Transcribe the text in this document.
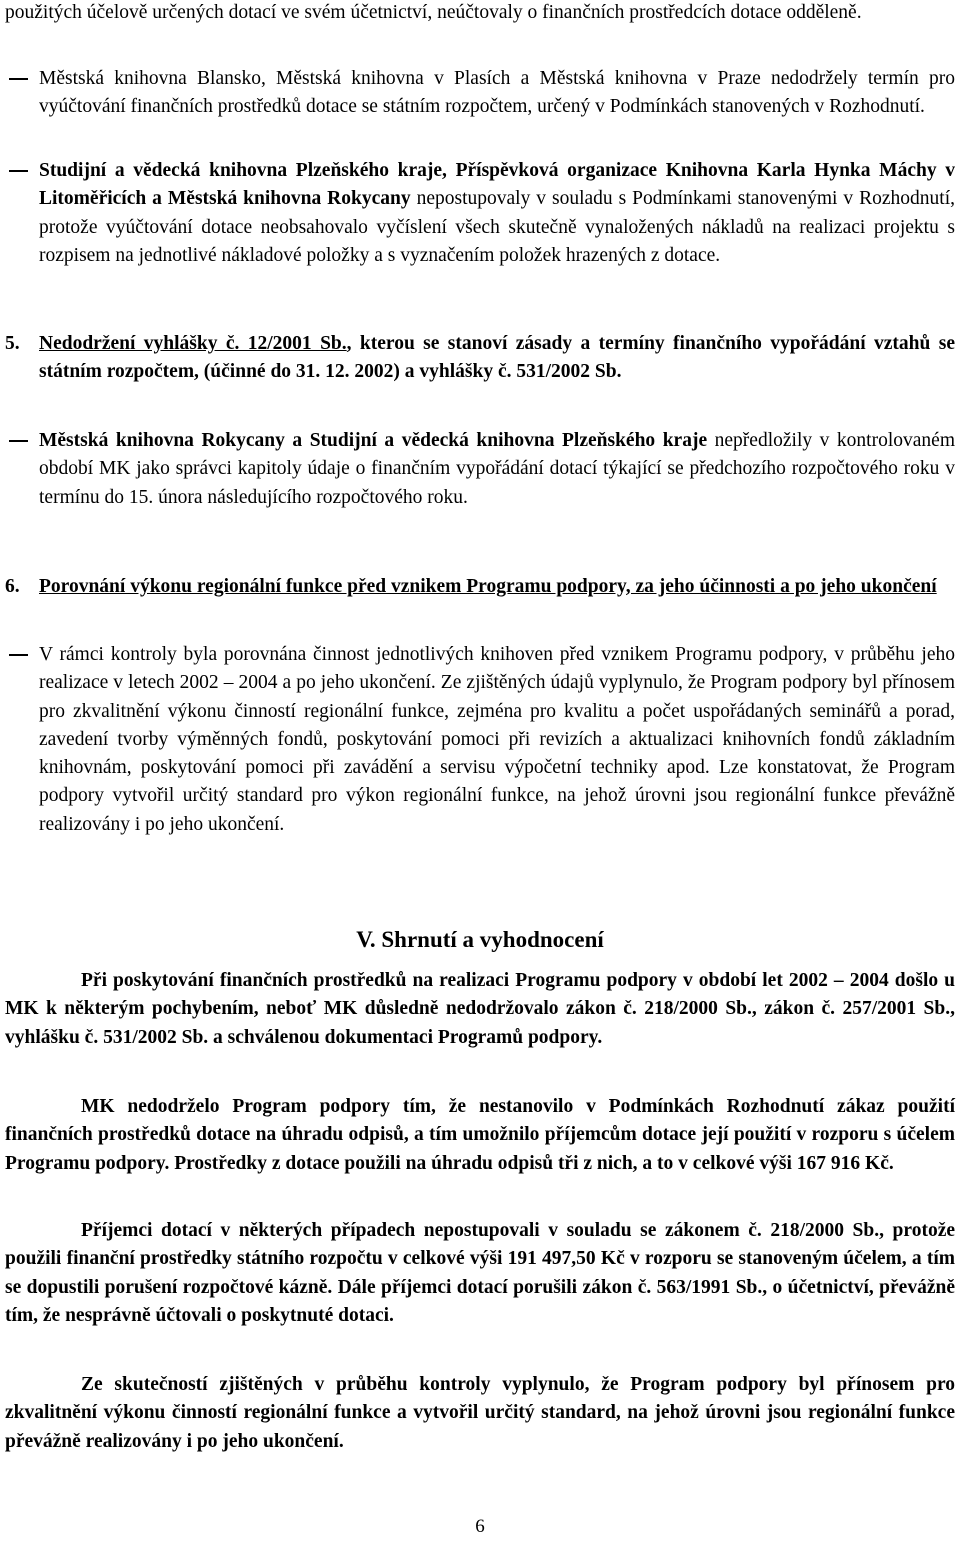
použitých účelově určených dotací ve svém účetnictví, neúčtovaly o finančních prostředcích dotace odděleně.
Městská knihovna Blansko, Městská knihovna v Plasích a Městská knihovna v Praze nedodržely termín pro vyúčtování finančních prostředků dotace se státním rozpočtem, určený v Podmínkách stanovených v Rozhodnutí.
Studijní a vědecká knihovna Plzeňského kraje, Příspěvková organizace Knihovna Karla Hynka Máchy v Litoměřicích a Městská knihovna Rokycany nepostupovaly v souladu s Podmínkami stanovenými v Rozhodnutí, protože vyúčtování dotace neobsahovalo vyčíslení všech skutečně vynaložených nákladů na realizaci projektu s rozpisem na jednotlivé nákladové položky a s vyznačením položek hrazených z dotace.
5. Nedodržení vyhlášky č. 12/2001 Sb., kterou se stanoví zásady a termíny finančního vypořádání vztahů se státním rozpočtem, (účinné do 31. 12. 2002) a vyhlášky č. 531/2002 Sb.
Městská knihovna Rokycany a Studijní a vědecká knihovna Plzeňského kraje nepředložily v kontrolovaném období MK jako správci kapitoly údaje o finančním vypořádání dotací týkající se předchozího rozpočtového roku v termínu do 15. února následujícího rozpočtového roku.
6. Porovnání výkonu regionální funkce před vznikem Programu podpory, za jeho účinnosti a po jeho ukončení
V rámci kontroly byla porovnána činnost jednotlivých knihoven před vznikem Programu podpory, v průběhu jeho realizace v letech 2002 – 2004 a po jeho ukončení. Ze zjištěných údajů vyplynulo, že Program podpory byl přínosem pro zkvalitnění výkonu činností regionální funkce, zejména pro kvalitu a počet uspořádaných seminářů a porad, zavedení tvorby výměnných fondů, poskytování pomoci při revizích a aktualizaci knihovních fondů základním knihovnám, poskytování pomoci při zavádění a servisu výpočetní techniky apod. Lze konstatovat, že Program podpory vytvořil určitý standard pro výkon regionální funkce, na jehož úrovni jsou regionální funkce převážně realizovány i po jeho ukončení.
V. Shrnutí a vyhodnocení
Při poskytování finančních prostředků na realizaci Programu podpory v období let 2002 – 2004 došlo u MK k některým pochybením, neboť MK důsledně nedodržovalo zákon č. 218/2000 Sb., zákon č. 257/2001 Sb., vyhlášku č. 531/2002 Sb. a schválenou dokumentaci Programů podpory.
MK nedodrželo Program podpory tím, že nestanovilo v Podmínkách Rozhodnutí zákaz použití finančních prostředků dotace na úhradu odpisů, a tím umožnilo příjemcům dotace její použití v rozporu s účelem Programu podpory. Prostředky z dotace použili na úhradu odpisů tři z nich, a to v celkové výši 167 916 Kč.
Příjemci dotací v některých případech nepostupovali v souladu se zákonem č. 218/2000 Sb., protože použili finanční prostředky státního rozpočtu v celkové výši 191 497,50 Kč v rozporu se stanoveným účelem, a tím se dopustili porušení rozpočtové kázně. Dále příjemci dotací porušili zákon č. 563/1991 Sb., o účetnictví, převážně tím, že nesprávně účtovali o poskytnuté dotaci.
Ze skutečností zjištěných v průběhu kontroly vyplynulo, že Program podpory byl přínosem pro zkvalitnění výkonu činností regionální funkce a vytvořil určitý standard, na jehož úrovni jsou regionální funkce převážně realizovány i po jeho ukončení.
6
